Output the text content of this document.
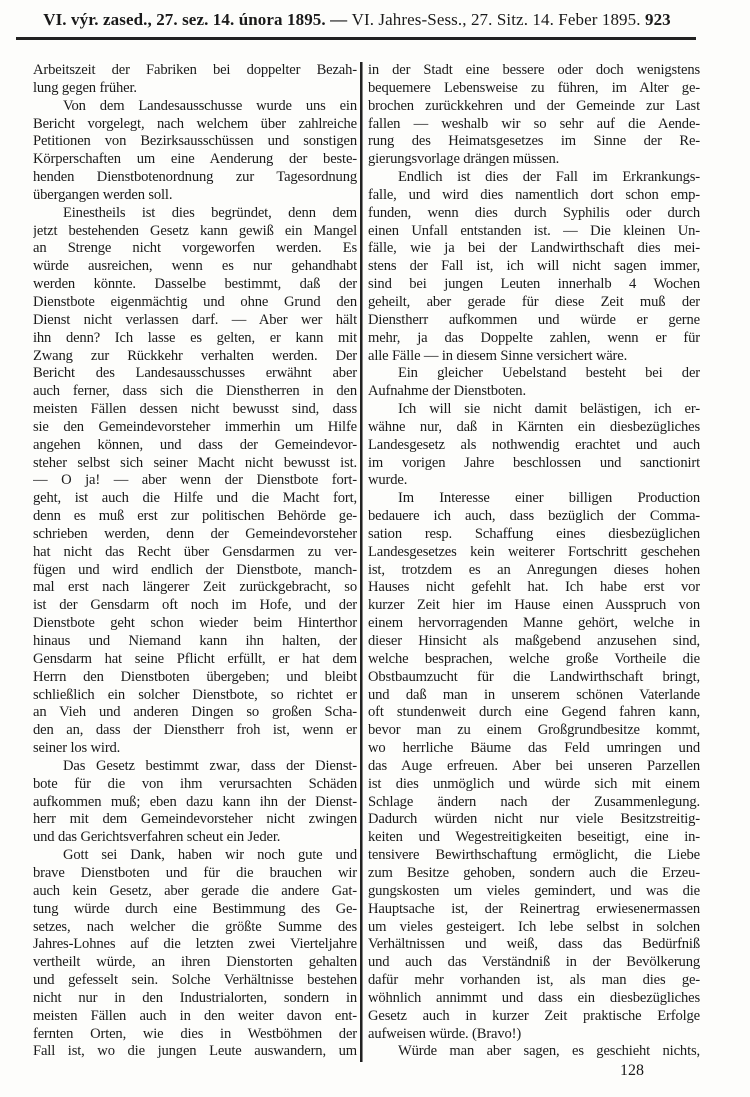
VI. výr. zased., 27. sez. 14. února 1895. — VI. Jahres-Sess., 27. Sitz. 14. Feber 1895. 923
Arbeitszeit der Fabriken bei doppelter Bezah-
lung gegen früher.
Von dem Landesausschusse wurde uns ein
Bericht vorgelegt, nach welchem über zahlreiche
Petitionen von Bezirksausschüssen und sonstigen
Körperschaften um eine Aenderung der beste-
henden Dienstbotenordnung zur Tagesordnung
übergangen werden soll.
Einestheils ist dies begründet, denn dem
jetzt bestehenden Gesetz kann gewiß ein Mangel
an Strenge nicht vorgeworfen werden. Es
würde ausreichen, wenn es nur gehandhabt
werden könnte. Dasselbe bestimmt, daß der
Dienstbote eigenmächtig und ohne Grund den
Dienst nicht verlassen darf. — Aber wer hält
ihn denn? Ich lasse es gelten, er kann mit
Zwang zur Rückkehr verhalten werden. Der
Bericht des Landesausschusses erwähnt aber
auch ferner, dass sich die Dienstherren in den
meisten Fällen dessen nicht bewusst sind, dass
sie den Gemeindevorsteher immerhin um Hilfe
angehen können, und dass der Gemeindevor-
steher selbst sich seiner Macht nicht bewusst ist.
— O ja! — aber wenn der Dienstbote fort-
geht, ist auch die Hilfe und die Macht fort,
denn es muß erst zur politischen Behörde ge-
schrieben werden, denn der Gemeindevorsteher
hat nicht das Recht über Gensdarmen zu ver-
fügen und wird endlich der Dienstbote, manch-
mal erst nach längerer Zeit zurückgebracht, so
ist der Gensdarm oft noch im Hofe, und der
Dienstbote geht schon wieder beim Hinterthor
hinaus und Niemand kann ihn halten, der
Gensdarm hat seine Pflicht erfüllt, er hat dem
Herrn den Dienstboten übergeben; und bleibt
schließlich ein solcher Dienstbote, so richtet er
an Vieh und anderen Dingen so großen Scha-
den an, dass der Dienstherr froh ist, wenn er
seiner los wird.
Das Gesetz bestimmt zwar, dass der Dienst-
bote für die von ihm verursachten Schäden
aufkommen muß; eben dazu kann ihn der Dienst-
herr mit dem Gemeindevorsteher nicht zwingen
und das Gerichtsverfahren scheut ein Jeder.
Gott sei Dank, haben wir noch gute und
brave Dienstboten und für die brauchen wir
auch kein Gesetz, aber gerade die andere Gat-
tung würde durch eine Bestimmung des Ge-
setzes, nach welcher die größte Summe des
Jahres-Lohnes auf die letzten zwei Vierteljahre
vertheilt würde, an ihren Dienstorten gehalten
und gefesselt sein. Solche Verhältnisse bestehen
nicht nur in den Industrialorten, sondern in
meisten Fällen auch in den weiter davon ent-
fernten Orten, wie dies in Westböhmen der
Fall ist, wo die jungen Leute auswandern, um
in der Stadt eine bessere oder doch wenigstens
bequemere Lebensweise zu führen, im Alter ge-
brochen zurückkehren und der Gemeinde zur Last
fallen — weshalb wir so sehr auf die Aende-
rung des Heimatsgesetzes im Sinne der Re-
gierungsvorlage drängen müssen.
Endlich ist dies der Fall im Erkrankungs-
falle, und wird dies namentlich dort schon emp-
funden, wenn dies durch Syphilis oder durch
einen Unfall entstanden ist. — Die kleinen Un-
fälle, wie ja bei der Landwirthschaft dies mei-
stens der Fall ist, ich will nicht sagen immer,
sind bei jungen Leuten innerhalb 4 Wochen
geheilt, aber gerade für diese Zeit muß der
Dienstherr aufkommen und würde er gerne
mehr, ja das Doppelte zahlen, wenn er für
alle Fälle — in diesem Sinne versichert wäre.
Ein gleicher Uebelstand besteht bei der
Aufnahme der Dienstboten.
Ich will sie nicht damit belästigen, ich er-
wähne nur, daß in Kärnten ein diesbezügliches
Landesgesetz als nothwendig erachtet und auch
im vorigen Jahre beschlossen und sanctionirt
wurde.
Im Interesse einer billigen Production
bedauere ich auch, dass bezüglich der Comma-
sation resp. Schaffung eines diesbezüglichen
Landesgesetzes kein weiterer Fortschritt geschehen
ist, trotzdem es an Anregungen dieses hohen
Hauses nicht gefehlt hat. Ich habe erst vor
kurzer Zeit hier im Hause einen Ausspruch von
einem hervorragenden Manne gehört, welche in
dieser Hinsicht als maßgebend anzusehen sind,
welche besprachen, welche große Vortheile die
Obstbaumzucht für die Landwirthschaft bringt,
und daß man in unserem schönen Vaterlande
oft stundenweit durch eine Gegend fahren kann,
bevor man zu einem Großgrundbesitze kommt,
wo herrliche Bäume das Feld umringen und
das Auge erfreuen. Aber bei unseren Parzellen
ist dies unmöglich und würde sich mit einem
Schlage ändern nach der Zusammenlegung.
Dadurch würden nicht nur viele Besitzstreitig-
keiten und Wegestreitigkeiten beseitigt, eine in-
tensivere Bewirthschaftung ermöglicht, die Liebe
zum Besitze gehoben, sondern auch die Erzeu-
gungskosten um vieles gemindert, und was die
Hauptsache ist, der Reinertrag erwiesenermassen
um vieles gesteigert. Ich lebe selbst in solchen
Verhältnissen und weiß, dass das Bedürfniß
und auch das Verständniß in der Bevölkerung
dafür mehr vorhanden ist, als man dies ge-
wöhnlich annimmt und dass ein diesbezügliches
Gesetz auch in kurzer Zeit praktische Erfolge
aufweisen würde. (Bravo!)
Würde man aber sagen, es geschieht nichts,
128
